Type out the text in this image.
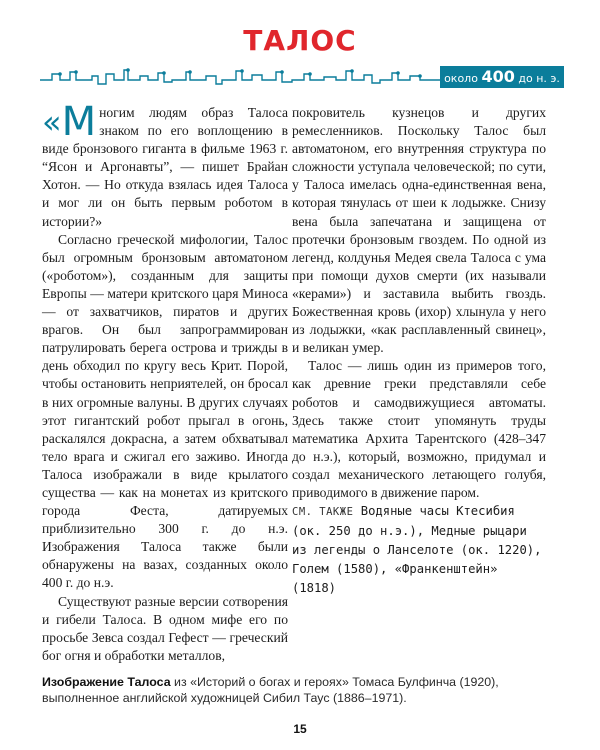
ТАЛОС
около 400 до н. э.

«М ногим людям образ Талоса знаком по его воплощению в виде бронзового гиганта в фильме 1963 г. “Ясон и Аргонавты”, — пишет Брайан Хотон. — Но откуда взялась идея Талоса и мог ли он быть первым роботом в истории?»

Согласно греческой мифологии, Талос был огромным бронзовым автоматоном («роботом»), созданным для защиты Европы — матери критского царя Миноса — от захватчиков, пиратов и других врагов. Он был запрограммирован патрулировать берега острова и трижды в день обходил по кругу весь Крит. Порой, чтобы остановить неприятелей, он бросал в них огромные валуны. В других случаях этот гигантский робот прыгал в огонь, раскалялся докрасна, а затем обхватывал тело врага и сжигал его заживо. Иногда Талоса изображали в виде крылатого существа — как на монетах из критского города Феста, датируемых приблизительно 300 г. до н.э. Изображения Талоса также были обнаружены на вазах, созданных около 400 г. до н.э.

Существуют разные версии сотворения и гибели Талоса. В одном мифе его по просьбе Зевса создал Гефест — греческий бог огня и обработки металлов,

покровитель кузнецов и других ремесленников. Поскольку Талос был автоматоном, его внутренняя структура по сложности уступала человеческой; по сути, у Талоса имелась одна-единственная вена, которая тянулась от шеи к лодыжке. Снизу вена была запечатана и защищена от протечки бронзовым гвоздем. По одной из легенд, колдунья Медея свела Талоса с ума при помощи духов смерти (их называли «керами») и заставила выбить гвоздь. Божественная кровь (ихор) хлынула у него из лодыжки, «как расплавленный свинец», и великан умер.

Талос — лишь один из примеров того, как древние греки представляли себе роботов и самодвижущиеся автоматы. Здесь также стоит упомянуть труды математика Архита Тарентского (428–347 до н.э.), который, возможно, придумал и создал механического летающего голубя, приводимого в движение паром.

СМ. ТАКЖЕ Водяные часы Ктесибия (ок. 250 до н.э.), Медные рыцари из легенды о Ланселоте (ок. 1220), Голем (1580), «Франкенштейн» (1818)

Изображение Талоса из «Историй о богах и героях» Томаса Булфинча (1920), выполненное английской художницей Сибил Таус (1886–1971).
15
